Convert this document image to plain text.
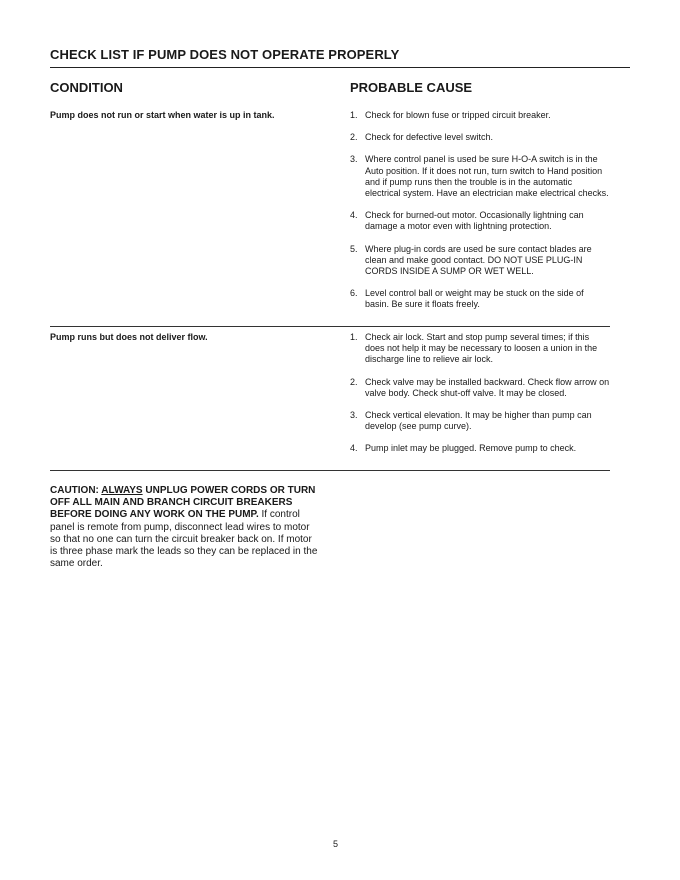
CHECK LIST IF PUMP DOES NOT OPERATE PROPERLY
CONDITION	PROBABLE CAUSE
Pump does not run or start when water is up in tank.	1. Check for blown fuse or tripped circuit breaker.
2. Check for defective level switch.
3. Where control panel is used be sure H-O-A switch is in the Auto position. If it does not run, turn switch to Hand position and if pump runs then the trouble is in the automatic electrical system. Have an electrician make electrical checks.
4. Check for burned-out motor. Occasionally lightning can damage a motor even with lightning protection.
5. Where plug-in cords are used be sure contact blades are clean and make good contact. DO NOT USE PLUG-IN CORDS INSIDE A SUMP OR WET WELL.
6. Level control ball or weight may be stuck on the side of basin. Be sure it floats freely.
Pump runs but does not deliver flow.	1. Check air lock. Start and stop pump several times; if this does not help it may be necessary to loosen a union in the discharge line to relieve air lock.
2. Check valve may be installed backward. Check flow arrow on valve body. Check shut-off valve. It may be closed.
3. Check vertical elevation. It may be higher than pump can develop (see pump curve).
4. Pump inlet may be plugged. Remove pump to check.
CAUTION: ALWAYS UNPLUG POWER CORDS OR TURN OFF ALL MAIN AND BRANCH CIRCUIT BREAKERS BEFORE DOING ANY WORK ON THE PUMP. If control panel is remote from pump, disconnect lead wires to motor so that no one can turn the circuit breaker back on. If motor is three phase mark the leads so they can be replaced in the same order.
5
